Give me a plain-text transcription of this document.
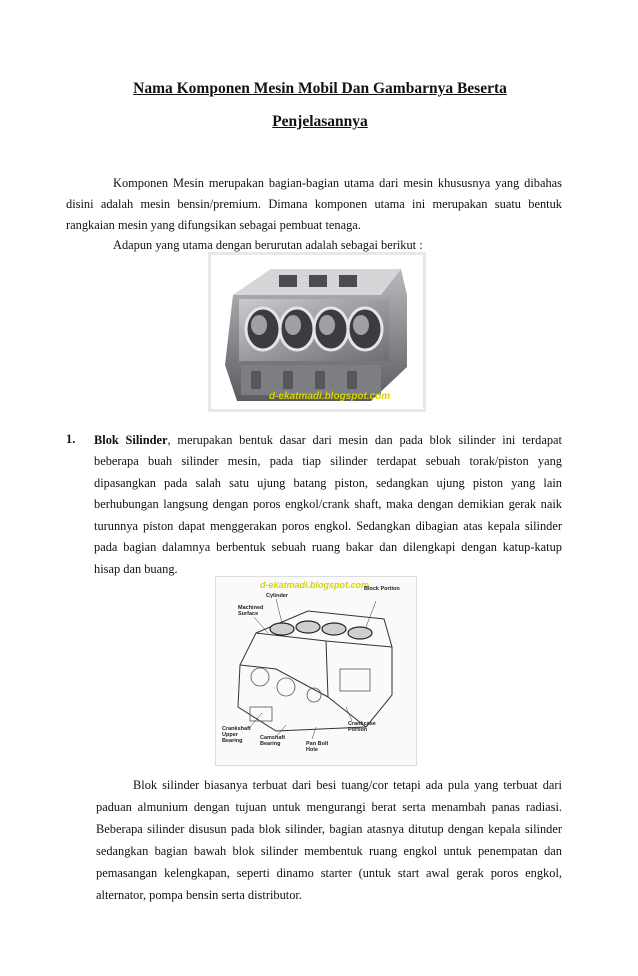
Nama Komponen Mesin Mobil Dan Gambarnya Beserta
Penjelasannya
Komponen Mesin merupakan bagian-bagian utama dari mesin khususnya yang dibahas
disini adalah mesin bensin/premium. Dimana komponen utama ini merupakan suatu bentuk
rangkaian mesin yang difungsikan sebagai pembuat tenaga.
Adapun yang utama dengan berurutan adalah sebagai berikut :
d-ekatmadi.blogspot.com
1. Blok Silinder, merupakan bentuk dasar dari mesin dan pada blok silinder ini terdapat
beberapa buah silinder mesin, pada tiap silinder terdapat sebuah torak/piston yang
dipasangkan pada salah satu ujung batang piston, sedangkan ujung piston yang lain
berhubungan langsung dengan poros engkol/crank shaft, maka dengan demikian gerak naik
turunnya piston dapat menggerakan poros engkol. Sedangkan dibagian atas kepala silinder
pada bagian dalamnya berbentuk sebuah ruang bakar dan dilengkapi dengan katup-katup
hisap dan buang.
d-ekatmadi.blogspot.com
Block Portion
Cylinder
Machined Surface
Crankshaft Upper Bearing	Camshaft Bearing	Pan Bolt Hole
Crankcase Portion
Blok silinder biasanya terbuat dari besi tuang/cor tetapi ada pula yang terbuat dari
paduan almunium dengan tujuan untuk mengurangi berat serta menambah panas radiasi.
Beberapa silinder disusun pada blok silinder, bagian atasnya ditutup dengan kepala silinder
sedangkan bagian bawah blok silinder membentuk ruang engkol untuk penempatan dan
pemasangan kelengkapan, seperti dinamo starter (untuk start awal gerak poros engkol,
alternator, pompa bensin serta distributor.
